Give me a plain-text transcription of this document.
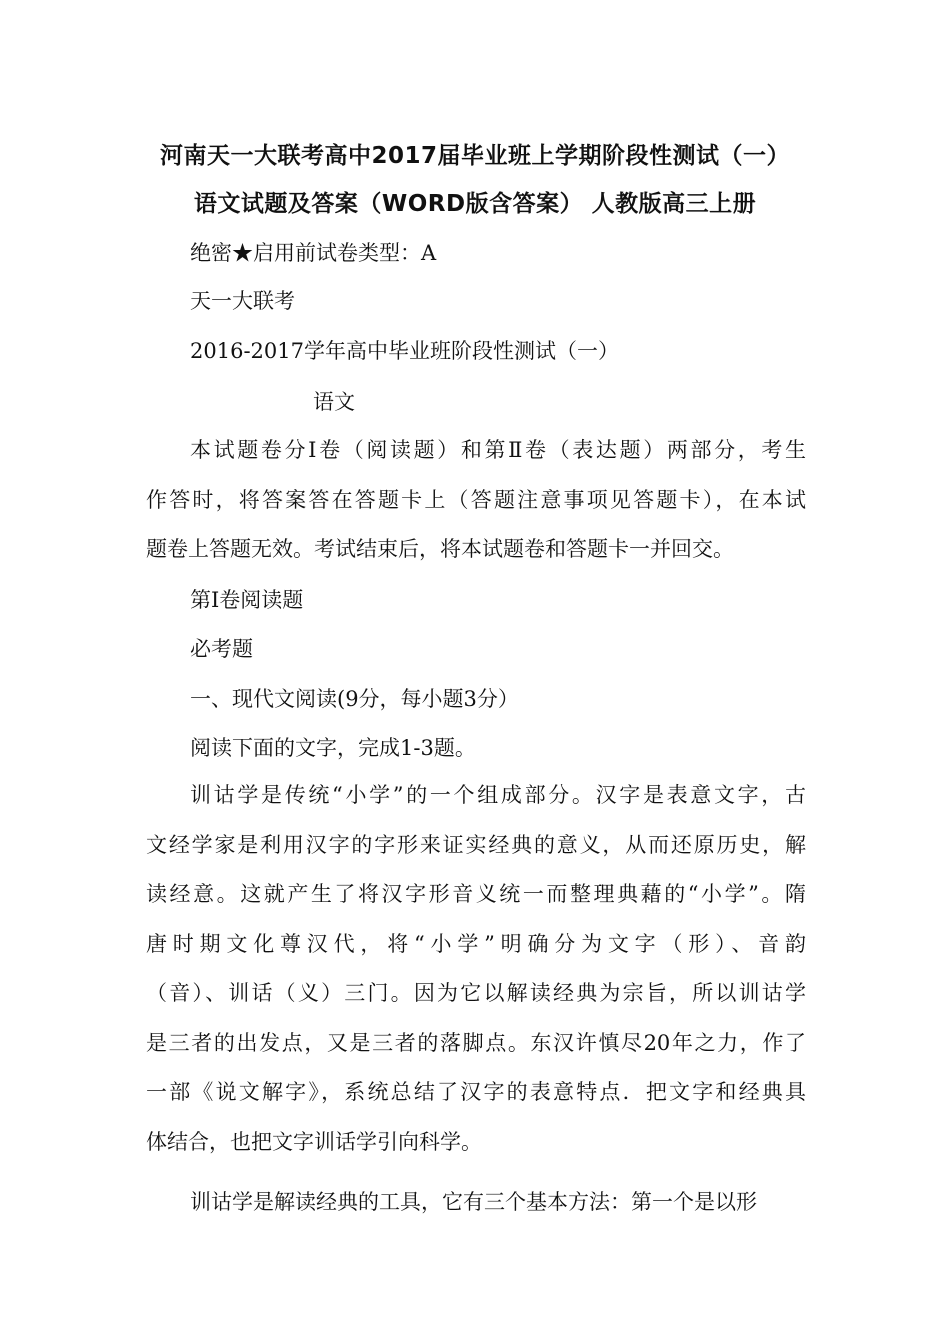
河南天一大联考高中2017届毕业班上学期阶段性测试（一）
语文试题及答案（WORD版含答案） 人教版高三上册
绝密★启用前试卷类型：A
天一大联考
2016-2017学年高中毕业班阶段性测试（一）
语文
本试题卷分Ⅰ卷（阅读题）和第Ⅱ卷（表达题）两部分，考生
作答时，将答案答在答题卡上（答题注意事项见答题卡），在本试
题卷上答题无效。考试结束后，将本试题卷和答题卡一并回交。
第Ⅰ卷阅读题
必考题
一、现代文阅读(9分，每小题3分）
阅读下面的文字，完成1-3题。
训诂学是传统“小学”的一个组成部分。汉字是表意文字，古
文经学家是利用汉字的字形来证实经典的意义，从而还原历史，解
读经意。这就产生了将汉字形音义统一而整理典藉的“小学”。隋
唐时期文化尊汉代，将“小学”明确分为文字（形）、音韵
（音）、训话（义）三门。因为它以解读经典为宗旨，所以训诂学
是三者的出发点，又是三者的落脚点。东汉许慎尽20年之力，作了
一部《说文解字》，系统总结了汉字的表意特点．把文字和经典具
体结合，也把文字训话学引向科学。
训诂学是解读经典的工具，它有三个基本方法：第一个是以形
